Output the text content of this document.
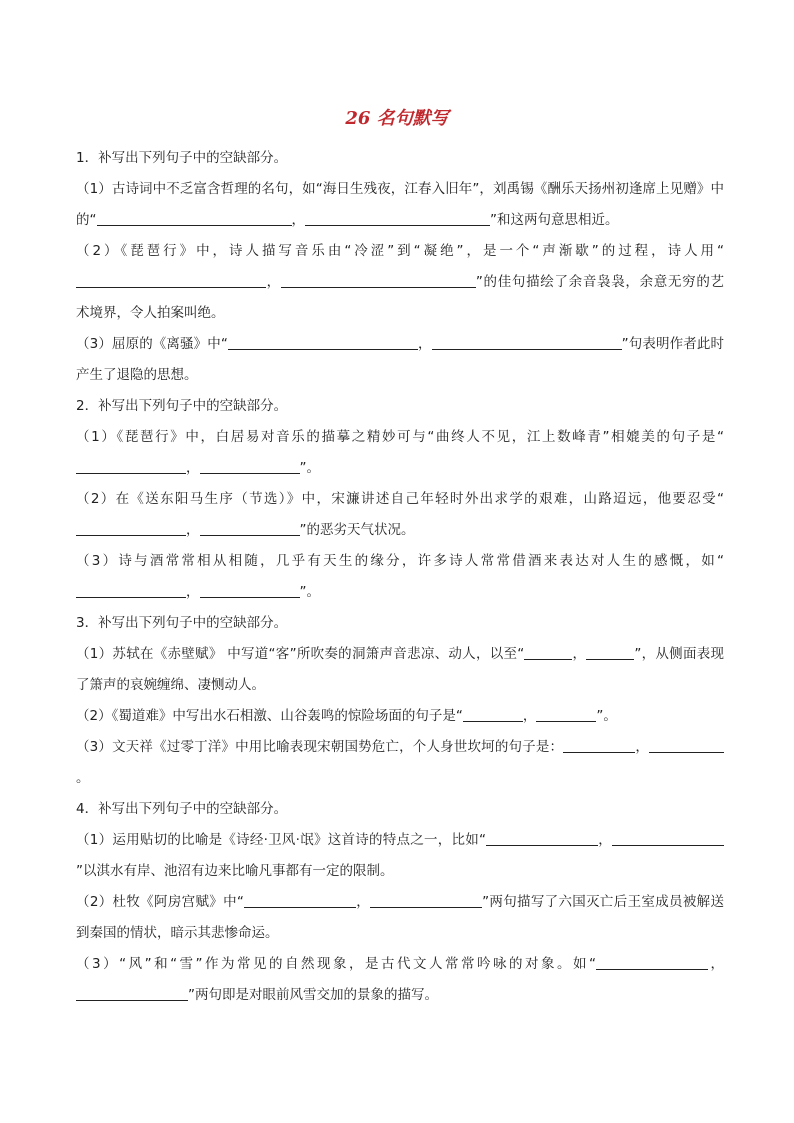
26 名句默写

1．补写出下列句子中的空缺部分。

（1）古诗词中不乏富含哲理的名句，如“海日生残夜，江春入旧年”，刘禹锡《酬乐天扬州初逢席上见赠》中的“	，	”和这两句意思相近。

（2）《琵琶行》中，诗人描写音乐由“冷涩”到“凝绝”，是一个“声渐歇”的过程，诗人用“，	”的佳句描绘了余音袅袅，余意无穷的艺术境界，令人拍案叫绝。

（3）屈原的《离骚》中“	，	”句表明作者此时产生了退隐的思想。

2．补写出下列句子中的空缺部分。

（1）《琵琶行》中，白居易对音乐的描摹之精妙可与“曲终人不见，江上数峰青”相媲美的句子是“，	”。

（2）在《送东阳马生序（节选）》中，宋濂讲述自己年轻时外出求学的艰难，山路迢远，他要忍受“，	”的恶劣天气状况。

（3）诗与酒常常相从相随，几乎有天生的缘分，许多诗人常常借酒来表达对人生的感慨，如“，	”。

3．补写出下列句子中的空缺部分。

（1）苏轼在《赤壁赋》 中写道“客”所吹奏的洞箫声音悲凉、动人，以至“	，	”，从侧面表现了箫声的哀婉缠绵、凄恻动人。

（2）《蜀道难》中写出水石相激、山谷轰鸣的惊险场面的句子是“	，	”。

（3）文天祥《过零丁洋》中用比喻表现宋朝国势危亡，个人身世坎坷的句子是：	，。

4．补写出下列句子中的空缺部分。

（1）运用贴切的比喻是《诗经·卫风·氓》这首诗的特点之一，比如“	，”以淇水有岸、池沼有边来比喻凡事都有一定的限制。

（2）杜牧《阿房宫赋》中“	，	”两句描写了六国灭亡后王室成员被解送到秦国的情状，暗示其悲惨命运。

（3）“风”和“雪”作为常见的自然现象，是古代文人常常吟咏的对象。如“	，”两句即是对眼前风雪交加的景象的描写。
